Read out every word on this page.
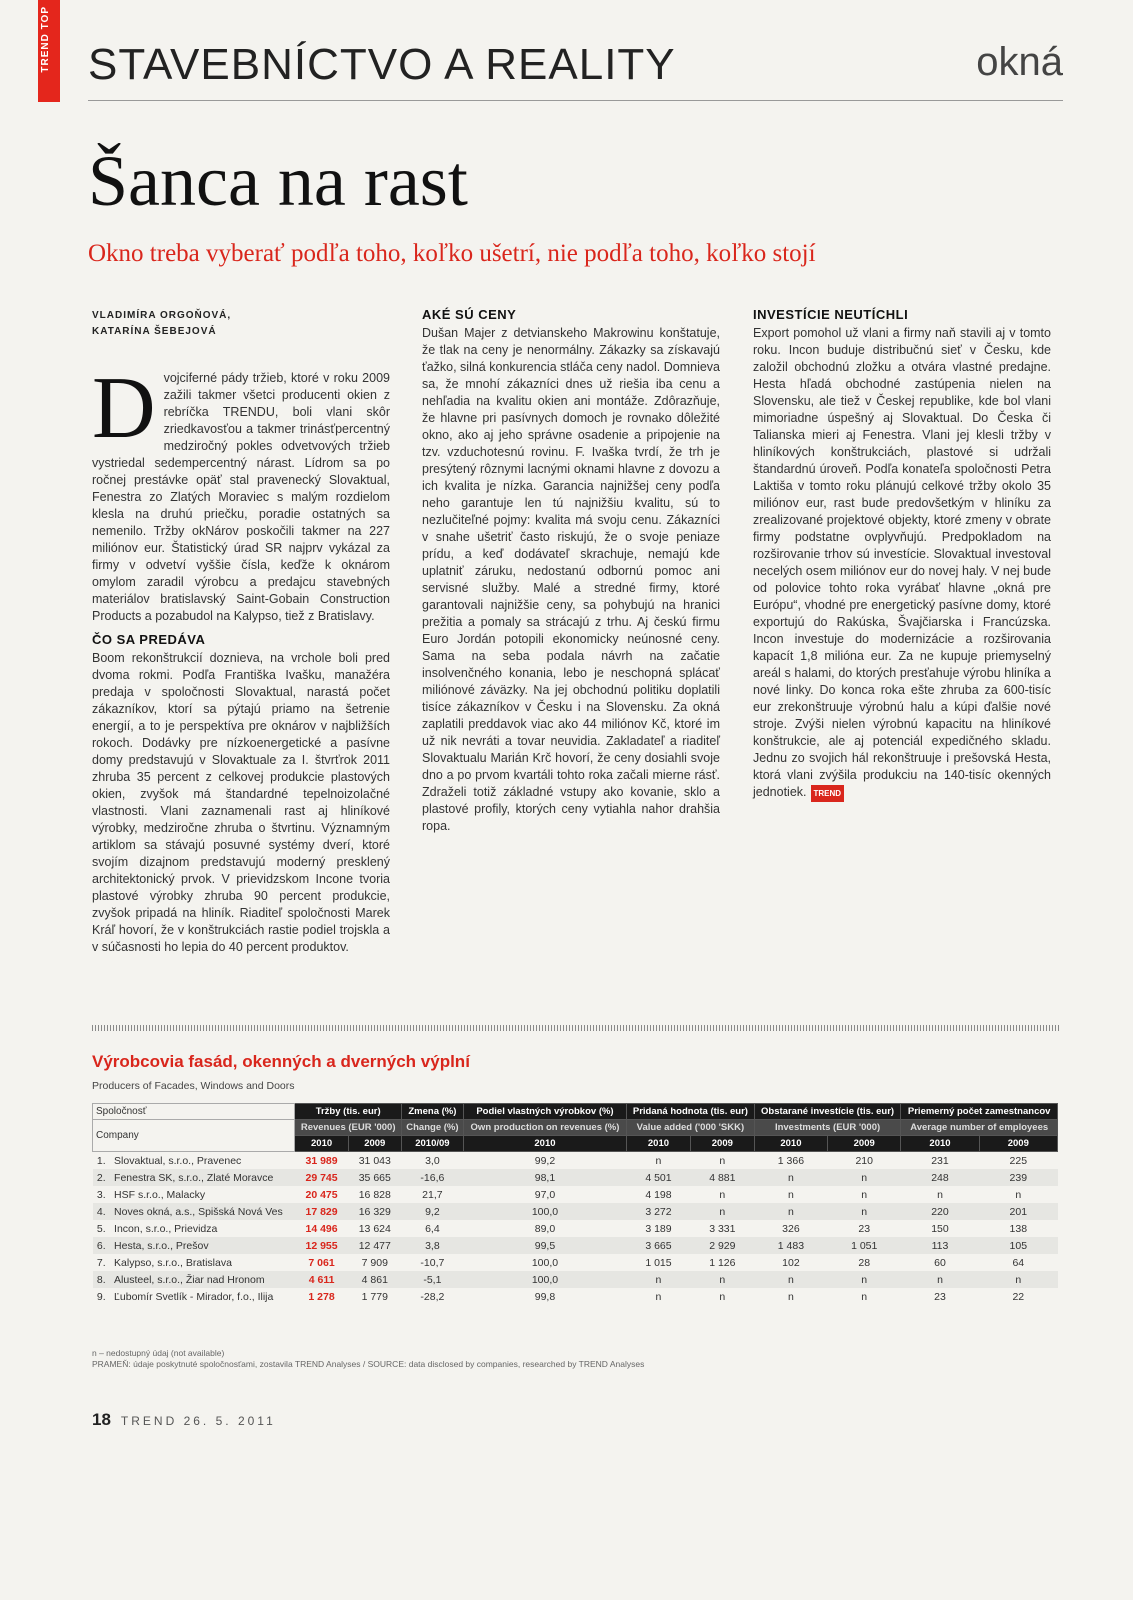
TREND TOP STAVEBNÍCTVO A REALITY	okná
Šanca na rast
Okno treba vyberať podľa toho, koľko ušetrí, nie podľa toho, koľko stojí
VLADIMÍRA ORGOŇOVÁ,
KATARÍNA ŠEBEJOVÁ

Dvojciferné pády tržieb, ktoré v roku 2009 zažili takmer všetci producenti okien z rebríčka TRENDU, boli vlani skôr zriedkavosťou a takmer trinásťpercentný medziročný pokles odvetvových tržieb vystriedal sedempercentný nárast. Lídrom sa po ročnej prestávke opäť stal pravenecký Slovaktual, Fenestra zo Zlatých Moraviec s malým rozdielom klesla na druhú priečku, poradie ostatných sa nemenilo. Tržby okNárov poskočili takmer na 227 miliónov eur. Štatistický úrad SR najprv vykázal za firmy v odvetví vyššie čísla, keďže k oknárom omylom zaradil výrobcu a predajcu stavebných materiálov bratislavský Saint-Gobain Construction Products a pozabudol na Kalypso, tiež z Bratislavy.

ČO SA PREDÁVA

Boom rekonštrukcií doznieva, na vrchole boli pred dvoma rokmi. Podľa Františka Ivašku, manažéra predaja v spoločnosti Slovaktual, narastá počet zákazníkov, ktorí sa pýtajú priamo na šetrenie energií, a to je perspektíva pre oknárov v najbližších rokoch. Dodávky pre nízkoenergetické a pasívne domy predstavujú v Slovaktuale za I. štvrťrok 2011 zhruba 35 percent z celkovej produkcie plastových okien, zvyšok má štandardné tepelnoizolačné vlastnosti. Vlani zaznamenali rast aj hliníkové výrobky, medziročne zhruba o štvrtinu. Významným artiklom sa stávajú posuvné systémy dverí, ktoré svojím dizajnom predstavujú moderný presklený architektonický prvok. V prievidzskom Incone tvoria plastové výrobky zhruba 90 percent produkcie, zvyšok pripadá na hliník. Riaditeľ spoločnosti Marek Kráľ hovorí, že v konštrukciách rastie podiel trojskla a v súčasnosti ho lepia do 40 percent produktov.

AKÉ SÚ CENY

Dušan Majer z detvianskeho Makrowinu konštatuje, že tlak na ceny je nenormálny. Zákazky sa získavajú ťažko, silná konkurencia stláča ceny nadol. Domnieva sa, že mnohí zákazníci dnes už riešia iba cenu a nehľadia na kvalitu okien ani montáže. Zdôrazňuje, že hlavne pri pasívnych domoch je rovnako dôležité okno, ako aj jeho správne osadenie a pripojenie na tzv. vzduchotesnú rovinu. F. Ivaška tvrdí, že trh je presýtený rôznymi lacnými oknami hlavne z dovozu a ich kvalita je nízka. Garancia najnižšej ceny podľa neho garantuje len tú najnižšiu kvalitu, sú to nezlučiteľné pojmy: kvalita má svoju cenu. Zákazníci v snahe ušetriť často riskujú, že o svoje peniaze prídu, a keď dodávateľ skrachuje, nemajú kde uplatniť záruku, nedostanú odbornú pomoc ani servisné služby. Malé a stredné firmy, ktoré garantovali najnižšie ceny, sa pohybujú na hranici prežitia a pomaly sa strácajú z trhu. Aj českú firmu Euro Jordán potopili ekonomicky neúnosné ceny. Sama na seba podala návrh na začatie insolvenčného konania, lebo je neschopná splácať miliónové záväzky. Na jej obchodnú politiku doplatili tisíce zákazníkov v Česku i na Slovensku. Za okná zaplatili preddavok viac ako 44 miliónov Kč, ktoré im už nik nevráti a tovar neuvidia. Zakladateľ a riaditeľ Slovaktualu Marián Krč hovorí, že ceny dosiahli svoje dno a po prvom kvartáli tohto roka začali mierne rásť. Zdraželi totiž základné vstupy ako kovanie, sklo a plastové profily, ktorých ceny vytiahla nahor drahšia ropa.

INVESTÍCIE NEUTÍCHLI

Export pomohol už vlani a firmy naň stavili aj v tomto roku. Incon buduje distribučnú sieť v Česku, kde založil obchodnú zložku a otvára vlastné predajne. Hesta hľadá obchodné zastúpenia nielen na Slovensku, ale tiež v Českej republike, kde bol vlani mimoriadne úspešný aj Slovaktual. Do Česka či Talianska mieri aj Fenestra. Vlani jej klesli tržby v hliníkových konštrukciách, plastové si udržali štandardnú úroveň. Podľa konateľa spoločnosti Petra Laktiša v tomto roku plánujú celkové tržby okolo 35 miliónov eur, rast bude predovšetkým v hliníku za zrealizované projektové objekty, ktoré zmeny v obrate firmy podstatne ovplyvňujú. Predpokladom na rozširovanie trhov sú investície. Slovaktual investoval necelých osem miliónov eur do novej haly. V nej bude od polovice tohto roka vyrábať hlavne „okná pre Európu“, vhodné pre energetický pasívne domy, ktoré exportujú do Rakúska, Švajčiarska i Francúzska. Incon investuje do modernizácie a rozširovania kapacít 1,8 milióna eur. Za ne kupuje priemyselný areál s halami, do ktorých presťahuje výrobu hliníka a nové linky. Do konca roka ešte zhruba za 600-tisíc eur zrekonštruuje výrobnú halu a kúpi ďalšie nové stroje. Zvýši nielen výrobnú kapacitu na hliníkové konštrukcie, ale aj potenciál expedičného skladu. Jednu zo svojich hál rekonštruuje i prešovská Hesta, ktorá vlani zvýšila produkciu na 140-tisíc okenných jednotiek. TREND

Výrobcovia fasád, okenných a dverných výplní
Producers of Facades, Windows and Doors
Spoločnosť		Tržby (tis. eur)		Zmena (%)	Podiel vlastných výrobkov (%)	Pridaná hodnota (tis. eur)		Obstarané investície (tis. eur)		Priemerný počet zamestnancov	
Company		Revenues (EUR '000)		Change (%)	Own production on revenues (%)	Value added ('000 'SKK)		Investments (EUR '000)		Average number of employees	
		2010	2009	2010/09	2010	2010	2009	2010	2009	2010	2009
1.	Slovaktual, s.r.o., Pravenec	31 989	31 043	3,0	99,2	n	n	1 366	210	231	225
2.	Fenestra SK, s.r.o., Zlaté Moravce	29 745	35 665	-16,6	98,1	4 501	4 881	n	n	248	239
3.	HSF s.r.o., Malacky	20 475	16 828	21,7	97,0	4 198	n	n	n	n	n
4.	Noves okná, a.s., Spišská Nová Ves	17 829	16 329	9,2	100,0	3 272	n	n	n	220	201
5.	Incon, s.r.o., Prievidza	14 496	13 624	6,4	89,0	3 189	3 331	326	23	150	138
6.	Hesta, s.r.o., Prešov	12 955	12 477	3,8	99,5	3 665	2 929	1 483	1 051	113	105
7.	Kalypso, s.r.o., Bratislava	7 061	7 909	-10,7	100,0	1 015	1 126	102	28	60	64
8.	Alusteel, s.r.o., Žiar nad Hronom	4 611	4 861	-5,1	100,0	n	n	n	n	n	n
9.	Ľubomír Svetlík - Mirador, f.o., Ilija	1 278	1 779	-28,2	99,8	n	n	n	n	23	22
n – nedostupný údaj (not available)
PRAMEŇ: údaje poskytnuté spoločnosťami, zostavila TREND Analyses / SOURCE: data disclosed by companies, researched by TREND Analyses
18 TREND 26. 5. 2011
